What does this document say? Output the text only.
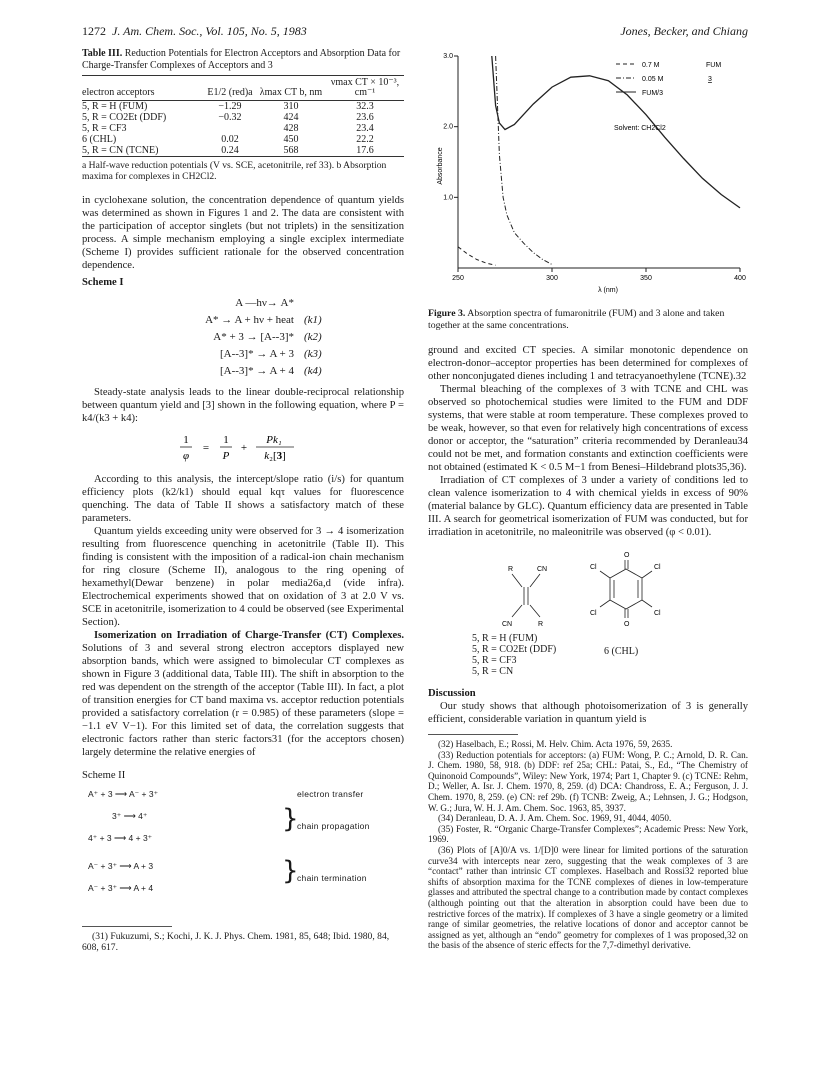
1272 J. Am. Chem. Soc., Vol. 105, No. 5, 1983	Jones, Becker, and Chiang
Table III. Reduction Potentials for Electron Acceptors and Absorption Data for Charge-Transfer Complexes of Acceptors and 3
electron acceptors	E1/2 (red)a	λmax CT b, nm	νmax CT × 10⁻³, cm⁻¹
5, R = H (FUM)	−1.29	310	32.3
5, R = CO2Et (DDF)	−0.32	424	23.6
5, R = CF3		428	23.4
6 (CHL)	0.02	450	22.2
5, R = CN (TCNE)	0.24	568	17.6
a Half-wave reduction potentials (V vs. SCE, acetonitrile, ref 33). b Absorption maxima for complexes in CH2Cl2.

in cyclohexane solution, the concentration dependence of quantum yields was determined as shown in Figures 1 and 2. The data are consistent with the participation of acceptor singlets (but not triplets) in the sensitization process. A simple mechanism employing a single exciplex intermediate (Scheme I) provides sufficient rationale for the observed concentration dependence.

Scheme I
A —hν→ A*
A* → A + hν + heat (k1)
A* + 3 → [A--3]* (k2)
[A--3]* → A + 3 (k3)
[A--3]* → A + 4 (k4)

Steady-state analysis leads to the linear double-reciprocal relationship between quantum yield and [3] shown in the following equation, where P = k4/(k3 + k4):

1
φ
=
1
P
+
Pk₁
k₂[3]

According to this analysis, the intercept/slope ratio (i/s) for quantum efficiency plots (k2/k1) should equal kqτ values for fluorescence quenching. The data of Table II shows a satisfactory match of these parameters.

Quantum yields exceeding unity were observed for 3 → 4 isomerization resulting from fluorescence quenching in acetonitrile (Table II). This finding is consistent with the imposition of a radical-ion chain mechanism for ring closure (Scheme II), analogous to the ring opening of hexamethyl(Dewar benzene) in polar media26a,d (vide infra). Electrochemical experiments showed that on oxidation of 3 at 2.0 V vs. SCE in acetonitrile, isomerization to 4 could be observed (see Experimental Section).

Isomerization on Irradiation of Charge-Transfer (CT) Complexes. Solutions of 3 and several strong electron acceptors displayed new absorption bands, which were assigned to bimolecular CT complexes as shown in Figure 3 (additional data, Table III). The shift in absorption to the red was dependent on the strength of the acceptor (Table III). In fact, a plot of transition energies for CT band maxima vs. acceptor reduction potentials provided a satisfactory correlation (r = 0.985) of these parameters (slope = −1.1 eV V−1). For this limited set of data, the correlation suggests that electronic factors rather than steric factors31 (for the acceptors chosen) largely determine the relative energies of

Scheme II
A⁺ + 3 ⟶ A⁻ + 3⁺	electron transfer
3⁺ ⟶ 4⁺
4⁺ + 3 ⟶ 4 + 3⁺
}
chain propagation
A⁻ + 3⁺ ⟶ A + 3
A⁻ + 3⁺ ⟶ A + 4
}
chain termination
(31) Fukuzumi, S.; Kochi, J. K. J. Phys. Chem. 1981, 85, 648; Ibid. 1980, 84, 608, 617.
250	300	350	400
1.0
2.0
3.0
0.7 M	FUM
0.05 M	3
FUM/3
Solvent: CH2Cl2
Absorbance
λ (nm)
Figure 3. Absorption spectra of fumaronitrile (FUM) and 3 alone and taken together at the same concentrations.

ground and excited CT species. A similar monotonic dependence on electron-donor–acceptor properties has been determined for complexes of other nonconjugated dienes including 1 and tetracyanoethylene (TCNE).32

Thermal bleaching of the complexes of 3 with TCNE and CHL was observed so photochemical studies were limited to the FUM and DDF systems, that were stable at room temperature. These complexes proved to be weak, however, so that even for relatively high concentrations of excess donor or acceptor, the “saturation” criteria recommended by Deranleau34 could not be met, and formation constants and extinction coefficients were not obtained (estimated K < 0.5 M−1 from Benesi–Hildebrand plots35,36).

Irradiation of CT complexes of 3 under a variety of conditions led to clean valence isomerization to 4 with chemical yields in excess of 90% (material balance by GLC). Quantum efficiency data are presented in Table III. A search for geometrical isomerization of FUM was conducted, but for irradiation in acetonitrile, no maleonitrile was observed (φ < 0.01).

R	CN
CN	R
O
O
Cl	Cl
Cl	Cl
5, R = H (FUM)
5, R = CO2Et (DDF)
5, R = CF3
5, R = CN
6 (CHL)
Discussion

Our study shows that although photoisomerization of 3 is generally efficient, considerable variation in quantum yield is

(32) Haselbach, E.; Rossi, M. Helv. Chim. Acta 1976, 59, 2635.

(33) Reduction potentials for acceptors: (a) FUM: Wong, P. C.; Arnold, D. R. Can. J. Chem. 1980, 58, 918. (b) DDF: ref 25a; CHL: Patai, S., Ed., “The Chemistry of Quinonoid Compounds”, Wiley: New York, 1974; Part 1, Chapter 9. (c) TCNE: Rehm, D.; Weller, A. Isr. J. Chem. 1970, 8, 259. (d) DCA: Chandross, E. A.; Ferguson, J. J. Chem. 1970, 8, 259. (e) CN: ref 29b. (f) TCNB: Zweig, A.; Lehnsen, J. G.; Hodgson, W. G.; Jura, W. H. J. Am. Chem. Soc. 1963, 85, 3937.

(34) Deranleau, D. A. J. Am. Chem. Soc. 1969, 91, 4044, 4050.

(35) Foster, R. “Organic Charge-Transfer Complexes”; Academic Press: New York, 1969.

(36) Plots of [A]0/A vs. 1/[D]0 were linear for limited portions of the saturation curve34 with intercepts near zero, suggesting that the weak complexes of 3 are “contact” rather than intrinsic CT complexes. Haselbach and Rossi32 reported blue shifts of absorption maxima for the TCNE complexes of dienes in low-temperature glasses and attributed the spectral change to a contribution made by contact complexes (although pointing out that the alteration in absorption could have been due to restrictive forces of the matrix). If complexes of 3 have a single geometry or a limited range of similar geometries, the relative locations of donor and acceptor cannot be assigned as yet, although an “endo” geometry for complexes of 1 was proposed,32 on the basis of the absence of steric effects for the 7,7-dimethyl derivative.
